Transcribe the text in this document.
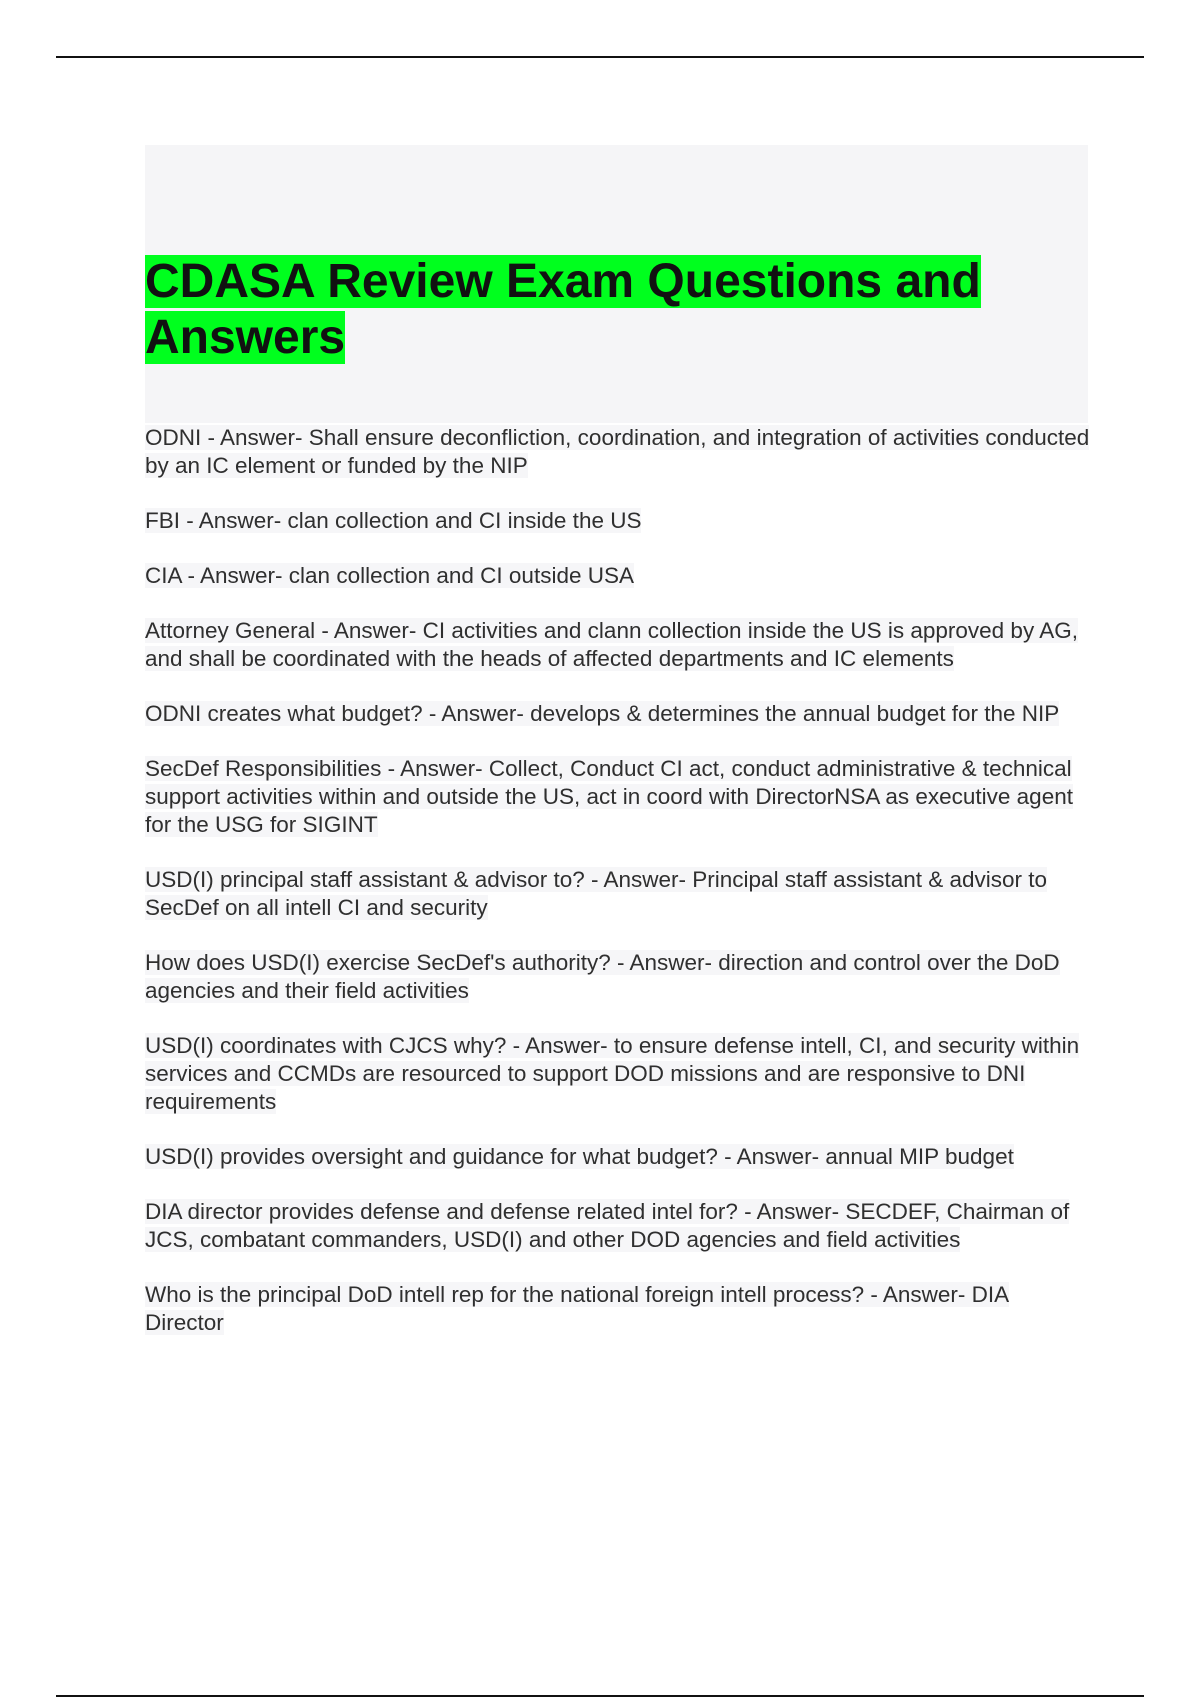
CDASA Review Exam Questions and Answers
ODNI - Answer- Shall ensure deconfliction, coordination, and integration of activities conducted by an IC element or funded by the NIP
FBI - Answer- clan collection and CI inside the US
CIA - Answer- clan collection and CI outside USA
Attorney General - Answer- CI activities and clann collection inside the US is approved by AG, and shall be coordinated with the heads of affected departments and IC elements
ODNI creates what budget? - Answer- develops & determines the annual budget for the NIP
SecDef Responsibilities - Answer- Collect, Conduct CI act, conduct administrative & technical support activities within and outside the US, act in coord with DirectorNSA as executive agent for the USG for SIGINT
USD(I) principal staff assistant & advisor to? - Answer- Principal staff assistant & advisor to SecDef on all intell CI and security
How does USD(I) exercise SecDef's authority? - Answer- direction and control over the DoD agencies and their field activities
USD(I) coordinates with CJCS why? - Answer- to ensure defense intell, CI, and security within services and CCMDs are resourced to support DOD missions and are responsive to DNI requirements
USD(I) provides oversight and guidance for what budget? - Answer- annual MIP budget
DIA director provides defense and defense related intel for? - Answer- SECDEF, Chairman of JCS, combatant commanders, USD(I) and other DOD agencies and field activities
Who is the principal DoD intell rep for the national foreign intell process? - Answer- DIA Director
